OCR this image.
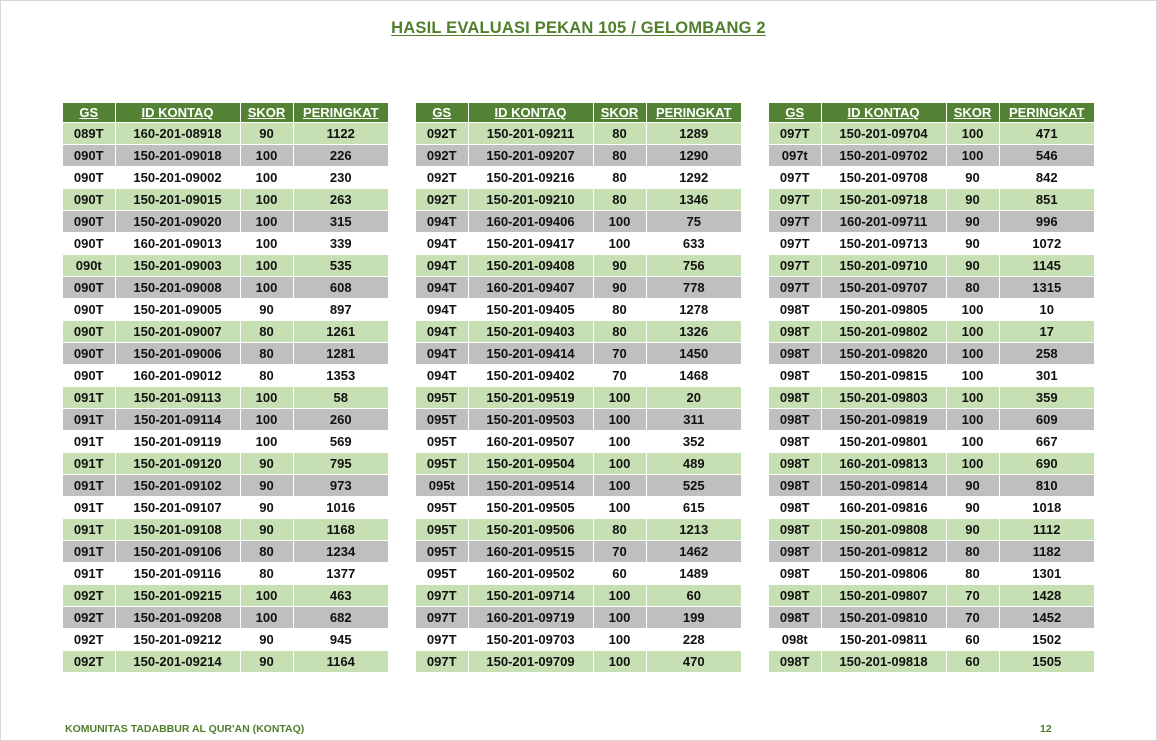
HASIL EVALUASI PEKAN 105 / GELOMBANG 2
GS	ID KONTAQ	SKOR	PERINGKAT
089T	160-201-08918	90	1122
090T	150-201-09018	100	226
090T	150-201-09002	100	230
090T	150-201-09015	100	263
090T	150-201-09020	100	315
090T	160-201-09013	100	339
090t	150-201-09003	100	535
090T	150-201-09008	100	608
090T	150-201-09005	90	897
090T	150-201-09007	80	1261
090T	150-201-09006	80	1281
090T	160-201-09012	80	1353
091T	150-201-09113	100	58
091T	150-201-09114	100	260
091T	150-201-09119	100	569
091T	150-201-09120	90	795
091T	150-201-09102	90	973
091T	150-201-09107	90	1016
091T	150-201-09108	90	1168
091T	150-201-09106	80	1234
091T	150-201-09116	80	1377
092T	150-201-09215	100	463
092T	150-201-09208	100	682
092T	150-201-09212	90	945
092T	150-201-09214	90	1164
GS	ID KONTAQ	SKOR	PERINGKAT
092T	150-201-09211	80	1289
092T	150-201-09207	80	1290
092T	150-201-09216	80	1292
092T	150-201-09210	80	1346
094T	160-201-09406	100	75
094T	150-201-09417	100	633
094T	150-201-09408	90	756
094T	160-201-09407	90	778
094T	150-201-09405	80	1278
094T	150-201-09403	80	1326
094T	150-201-09414	70	1450
094T	150-201-09402	70	1468
095T	150-201-09519	100	20
095T	150-201-09503	100	311
095T	160-201-09507	100	352
095T	150-201-09504	100	489
095t	150-201-09514	100	525
095T	150-201-09505	100	615
095T	150-201-09506	80	1213
095T	160-201-09515	70	1462
095T	160-201-09502	60	1489
097T	150-201-09714	100	60
097T	160-201-09719	100	199
097T	150-201-09703	100	228
097T	150-201-09709	100	470
GS	ID KONTAQ	SKOR	PERINGKAT
097T	150-201-09704	100	471
097t	150-201-09702	100	546
097T	150-201-09708	90	842
097T	150-201-09718	90	851
097T	160-201-09711	90	996
097T	150-201-09713	90	1072
097T	150-201-09710	90	1145
097T	150-201-09707	80	1315
098T	150-201-09805	100	10
098T	150-201-09802	100	17
098T	150-201-09820	100	258
098T	150-201-09815	100	301
098T	150-201-09803	100	359
098T	150-201-09819	100	609
098T	150-201-09801	100	667
098T	160-201-09813	100	690
098T	150-201-09814	90	810
098T	160-201-09816	90	1018
098T	150-201-09808	90	1112
098T	150-201-09812	80	1182
098T	150-201-09806	80	1301
098T	150-201-09807	70	1428
098T	150-201-09810	70	1452
098t	150-201-09811	60	1502
098T	150-201-09818	60	1505
KOMUNITAS TADABBUR AL QUR'AN (KONTAQ)	12
